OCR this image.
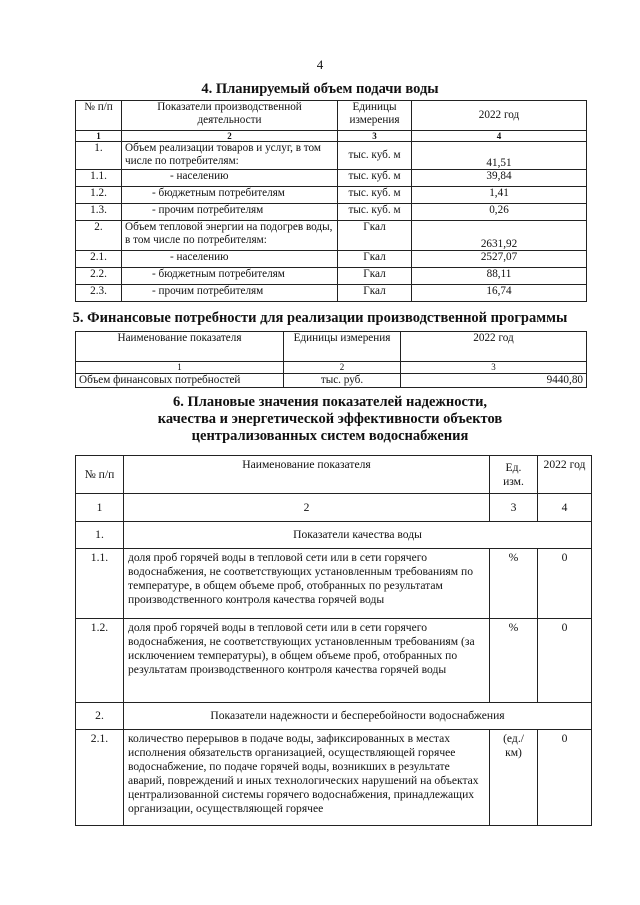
4
4. Планируемый объем подачи воды
№ п/п	Показатели производственной деятельности	Единицы измерения	2022 год
1	2	3	4
1.	Объем реализации товаров и услуг, в том числе по потребителям:	тыс. куб. м	41,51
1.1.	- населению	тыс. куб. м	39,84
1.2.	- бюджетным потребителям	тыс. куб. м	1,41
1.3.	- прочим потребителям	тыс. куб. м	0,26
2.	Объем тепловой энергии на подогрев воды, в том числе по потребителям:	Гкал	2631,92
2.1.	- населению	Гкал	2527,07
2.2.	- бюджетным потребителям	Гкал	88,11
2.3.	- прочим потребителям	Гкал	16,74
5. Финансовые потребности для реализации производственной программы
Наименование показателя	Единицы измерения	2022 год
1	2	3
Объем финансовых потребностей	тыс. руб.	9440,80
6. Плановые значения показателей надежности,
качества и энергетической эффективности объектов
централизованных систем водоснабжения
№ п/п	Наименование показателя	Ед. изм.	2022 год
1	2	3	4
1.	Показатели качества воды		
1.1.	доля проб горячей воды в тепловой сети или в сети горячего водоснабжения, не соответствующих установленным требованиям по температуре, в общем объеме проб, отобранных по результатам производственного контроля качества горячей воды	%	0
1.2.	доля проб горячей воды в тепловой сети или в сети горячего водоснабжения, не соответствующих установленным требованиям (за исключением температуры), в общем объеме проб, отобранных по результатам производственного контроля качества горячей воды	%	0
2.	Показатели надежности и бесперебойности водоснабжения		
2.1.	количество перерывов в подаче воды, зафиксированных в местах исполнения обязательств организацией, осуществляющей горячее водоснабжение, по подаче горячей воды, возникших в результате аварий, повреждений и иных технологических нарушений на объектах централизованной системы горячего водоснабжения, принадлежащих организации, осуществляющей горячее	(ед./ км)	0
